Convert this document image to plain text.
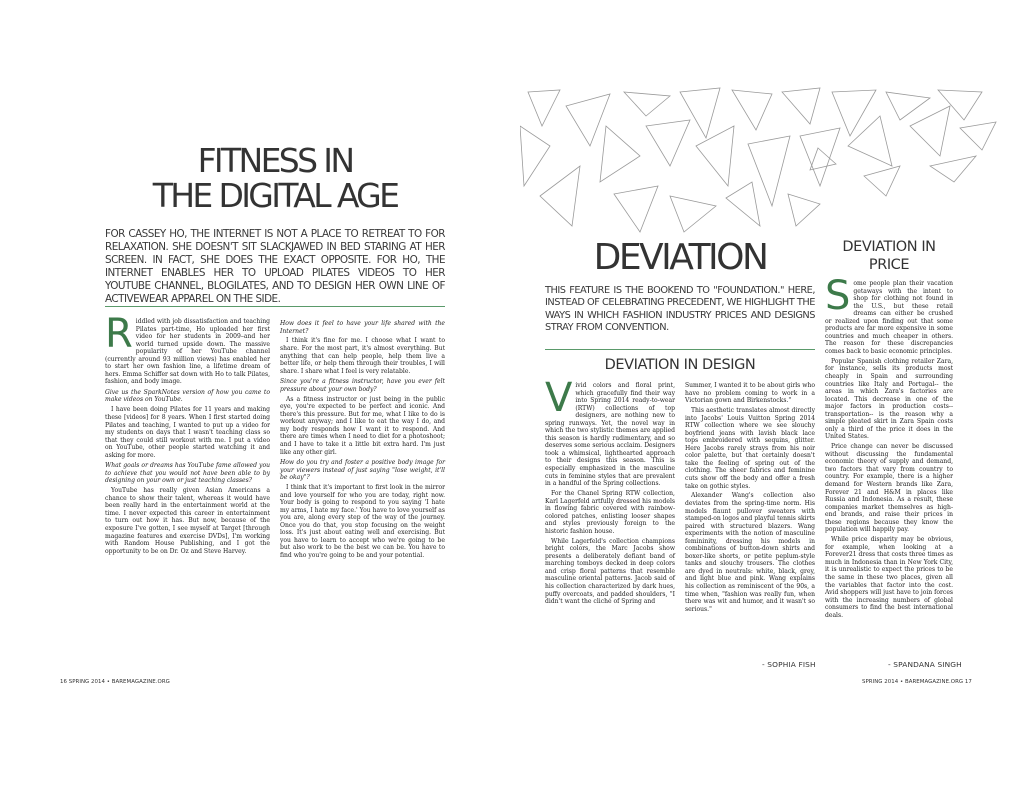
FITNESS IN
THE DIGITAL AGE
FOR CASSEY HO, THE INTERNET IS NOT A PLACE TO RETREAT TO FOR RELAXATION. SHE DOESN'T SIT SLACKJAWED IN BED STARING AT HER SCREEN. IN FACT, SHE DOES THE EXACT OPPOSITE. FOR HO, THE INTERNET ENABLES HER TO UPLOAD PILATES VIDEOS TO HER YOUTUBE CHANNEL, BLOGILATES, AND TO DESIGN HER OWN LINE OF ACTIVEWEAR APPAREL ON THE SIDE.
R iddled with job dissatisfaction and teaching Pilates part-time, Ho uploaded her first video for her students in 2009–and her world turned upside down. The massive popularity of her YouTube channel (currently around 93 million views) has enabled her to start her own fashion line, a lifetime dream of hers. Emma Schiffer sat down with Ho to talk Pilates, fashion, and body image.

Give us the SparkNotes version of how you came to make videos on YouTube.

I have been doing Pilates for 11 years and making these [videos] for 8 years. When I first started doing Pilates and teaching, I wanted to put up a video for my students on days that I wasn't teaching class so that they could still workout with me. I put a video on YouTube, other people started watching it and asking for more.

What goals or dreams has YouTube fame allowed you to achieve that you would not have been able to by designing on your own or just teaching classes?

YouTube has really given Asian Americans a chance to show their talent, whereas it would have been really hard in the entertainment world at the time. I never expected this career in entertainment to turn out how it has. But now, because of the exposure I've gotten, I see myself at Target [through magazine features and exercise DVDs], I'm working with Random House Publishing, and I got the opportunity to be on Dr. Oz and Steve Harvey.

How does it feel to have your life shared with the Internet?

I think it's fine for me. I choose what I want to share. For the most part, it's almost everything. But anything that can help people, help them live a better life, or help them through their troubles, I will share. I share what I feel is very relatable.

Since you're a fitness instructor, have you ever felt pressure about your own body?

As a fitness instructor or just being in the public eye, you're expected to be perfect and iconic. And there's this pressure. But for me, what I like to do is workout anyway; and I like to eat the way I do, and my body responds how I want it to respond. And there are times when I need to diet for a photoshoot; and I have to take it a little bit extra hard. I'm just like any other girl.

How do you try and foster a positive body image for your viewers instead of just saying "lose weight, it'll be okay"?

I think that it's important to first look in the mirror and love yourself for who you are today, right now. Your body is going to respond to you saying 'I hate my arms, I hate my face.' You have to love yourself as you are, along every step of the way of the journey. Once you do that, you stop focusing on the weight loss. It's just about eating well and exercising. But you have to learn to accept who we're going to be but also work to be the best we can be. You have to find who you're going to be and your potential.

16 SPRING 2014 • BAREMAGAZINE.ORG
DEVIATION
THIS FEATURE IS THE BOOKEND TO "FOUNDATION." HERE, INSTEAD OF CELEBRATING PRECEDENT, WE HIGHLIGHT THE WAYS IN WHICH FASHION INDUSTRY PRICES AND DESIGNS STRAY FROM CONVENTION.
DEVIATION IN DESIGN
V ivid colors and floral print, which gracefully find their way into Spring 2014 ready-to-wear (RTW) collections of top designers, are nothing new to spring runways. Yet, the novel way in which the two stylistic themes are applied this season is hardly rudimentary, and so deserves some serious acclaim. Designers took a whimsical, lighthearted approach to their designs this season. This is especially emphasized in the masculine cuts in feminine styles that are prevalent in a handful of the Spring collections.

For the Chanel Spring RTW collection, Karl Lagerfeld artfully dressed his models in flowing fabric covered with rainbow-colored patches, enlisting looser shapes and styles previously foreign to the historic fashion house.

While Lagerfeld's collection champions bright colors, the Marc Jacobs show presents a deliberately defiant band of marching tomboys decked in deep colors and crisp floral patterns that resemble masculine oriental patterns. Jacob said of his collection characterized by dark hues, puffy overcoats, and padded shoulders, "I didn't want the cliché of Spring and

Summer, I wanted it to be about girls who have no problem coming to work in a Victorian gown and Birkenstocks."

This aesthetic translates almost directly into Jacobs' Louis Vuitton Spring 2014 RTW collection where we see slouchy boyfriend jeans with lavish black lace tops embroidered with sequins, glitter. Here Jacobs rarely strays from his noir color palette, but that certainly doesn't take the feeling of spring out of the clothing. The sheer fabrics and feminine cuts show off the body and offer a fresh take on gothic styles.

Alexander Wang's collection also deviates from the spring-time norm. His models flaunt pullover sweaters with stamped-on logos and playful tennis skirts paired with structured blazers. Wang experiments with the notion of masculine femininity, dressing his models in combinations of button-down shirts and boxer-like shorts, or petite peplum-style tanks and slouchy trousers. The clothes are dyed in neutrals: white, black, grey, and light blue and pink. Wang explains his collection as reminiscent of the 90s, a time when, "fashion was really fun, when there was wit and humor, and it wasn't so serious."

- SOPHIA FISH
DEVIATION IN
PRICE
S ome people plan their vacation getaways with the intent to shop for clothing not found in the U.S., but these retail dreams can either be crushed or realized upon finding out that some products are far more expensive in some countries and much cheaper in others. The reason for these discrepancies comes back to basic economic principles.

Popular Spanish clothing retailer Zara, for instance, sells its products most cheaply in Spain and surrounding countries like Italy and Portugal-- the areas in which Zara's factories are located. This decrease in one of the major factors in production costs-- transportation-- is the reason why a simple pleated skirt in Zara Spain costs only a third of the price it does in the United States.

Price change can never be discussed without discussing the fundamental economic theory of supply and demand, two factors that vary from country to country. For example, there is a higher demand for Western brands like Zara, Forever 21 and H&M in places like Russia and Indonesia. As a result, these companies market themselves as high-end brands, and raise their prices in these regions because they know the population will happily pay.

While price disparity may be obvious, for example, when looking at a Forever21 dress that costs three times as much in Indonesia than in New York City, it is unrealistic to expect the prices to be the same in these two places, given all the variables that factor into the cost. Avid shoppers will just have to join forces with the increasing numbers of global consumers to find the best international deals.

- SPANDANA SINGH
SPRING 2014 • BAREMAGAZINE.ORG 17
